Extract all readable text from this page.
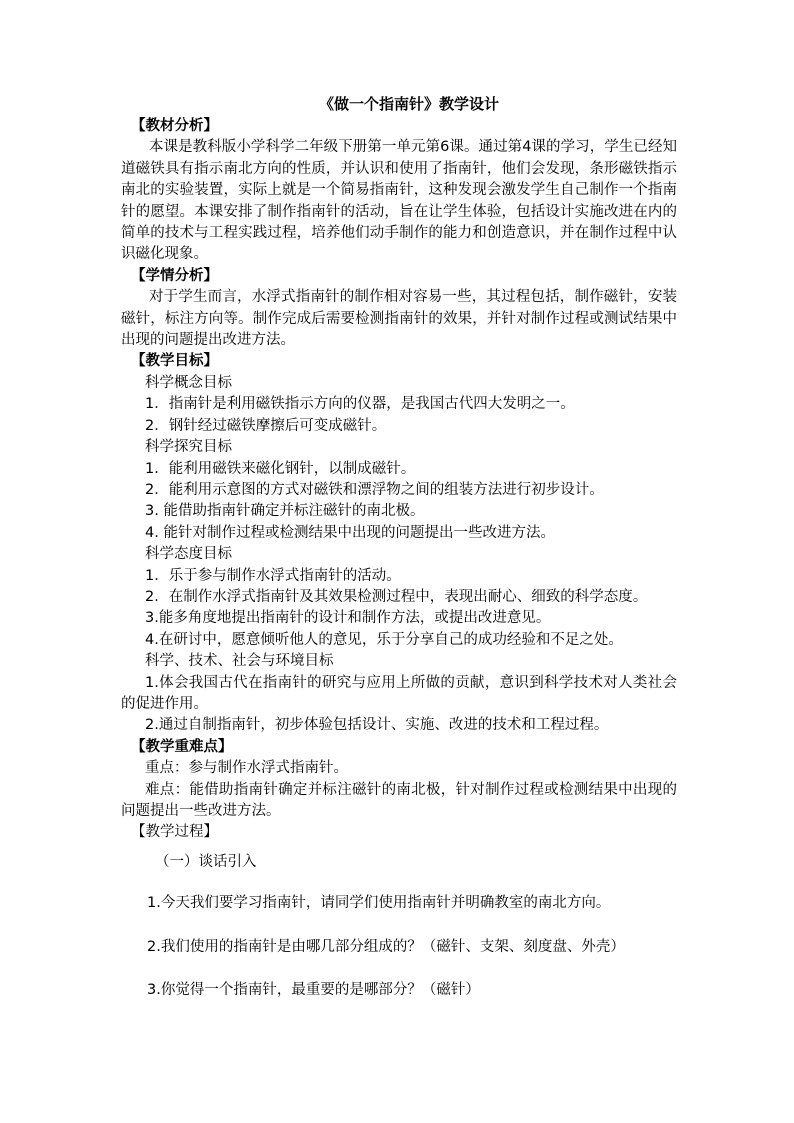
《做一个指南针》教学设计
【教材分析】
本课是教科版小学科学二年级下册第一单元第6课。通过第4课的学习，学生已经知道磁铁具有指示南北方向的性质，并认识和使用了指南针，他们会发现，条形磁铁指示南北的实验装置，实际上就是一个简易指南针，这种发现会激发学生自己制作一个指南针的愿望。本课安排了制作指南针的活动，旨在让学生体验，包括设计实施改进在内的简单的技术与工程实践过程，培养他们动手制作的能力和创造意识，并在制作过程中认识磁化现象。
【学情分析】
对于学生而言，水浮式指南针的制作相对容易一些，其过程包括，制作磁针，安装磁针，标注方向等。制作完成后需要检测指南针的效果，并针对制作过程或测试结果中出现的问题提出改进方法。
【教学目标】
科学概念目标
1．指南针是利用磁铁指示方向的仪器，是我国古代四大发明之一。
2．钢针经过磁铁摩擦后可变成磁针。
科学探究目标
1．能利用磁铁来磁化钢针，以制成磁针。
2．能利用示意图的方式对磁铁和漂浮物之间的组装方法进行初步设计。
3. 能借助指南针确定并标注磁针的南北极。
4. 能针对制作过程或检测结果中出现的问题提出一些改进方法。
科学态度目标
1．乐于参与制作水浮式指南针的活动。
2．在制作水浮式指南针及其效果检测过程中，表现出耐心、细致的科学态度。
3.能多角度地提出指南针的设计和制作方法，或提出改进意见。
4.在研讨中，愿意倾听他人的意见，乐于分享自己的成功经验和不足之处。
科学、技术、社会与环境目标
1.体会我国古代在指南针的研究与应用上所做的贡献，意识到科学技术对人类社会的促进作用。
2.通过自制指南针，初步体验包括设计、实施、改进的技术和工程过程。
【教学重难点】
重点：参与制作水浮式指南针。
难点：能借助指南针确定并标注磁针的南北极，针对制作过程或检测结果中出现的问题提出一些改进方法。
【教学过程】
（一）谈话引入
1.今天我们要学习指南针，请同学们使用指南针并明确教室的南北方向。
2.我们使用的指南针是由哪几部分组成的？（磁针、支架、刻度盘、外壳）
3.你觉得一个指南针，最重要的是哪部分？（磁针）
